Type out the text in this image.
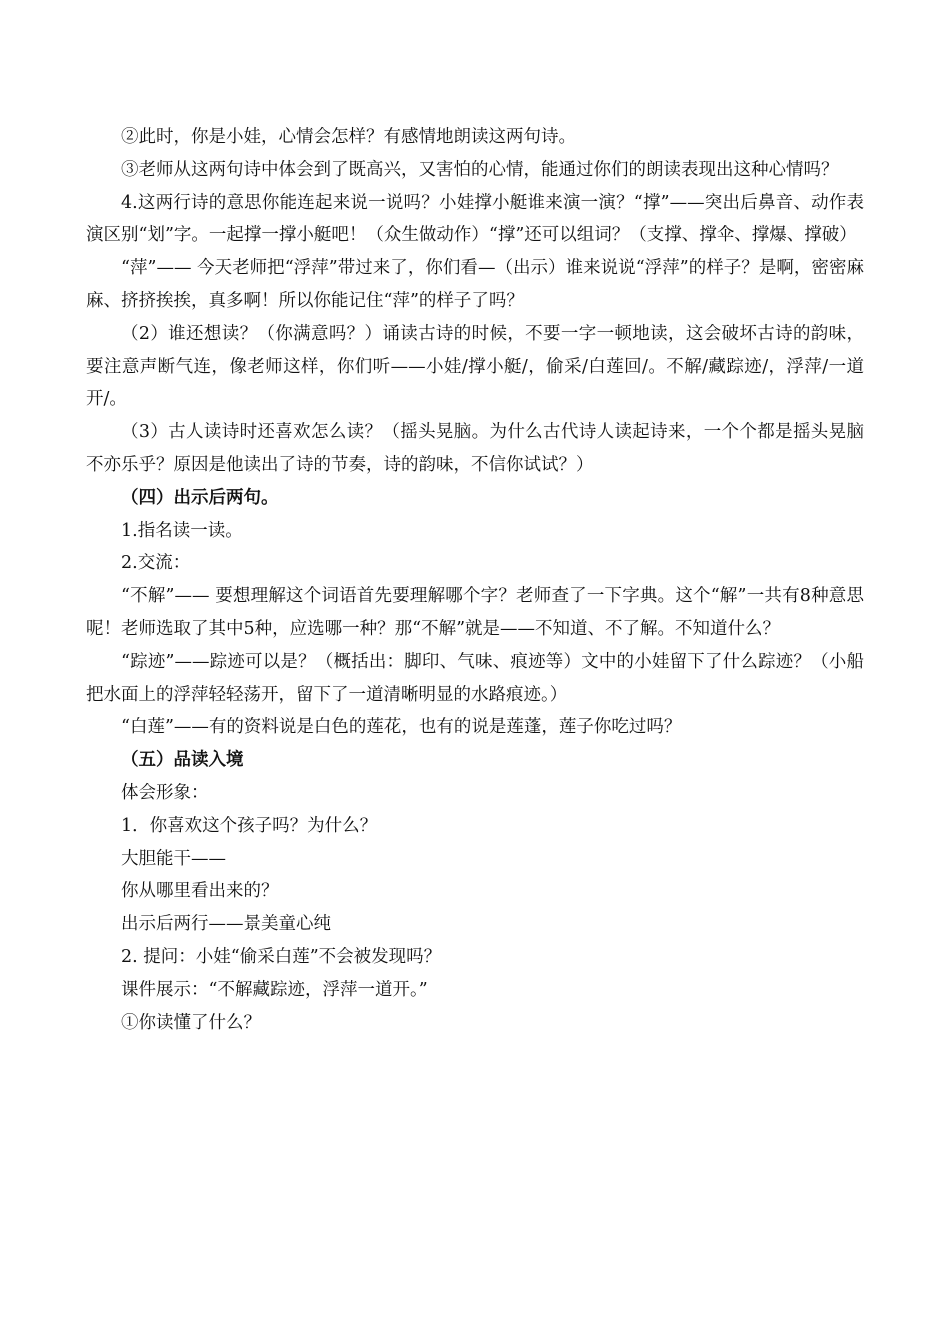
②此时，你是小娃，心情会怎样？有感情地朗读这两句诗。

③老师从这两句诗中体会到了既高兴，又害怕的心情，能通过你们的朗读表现出这种心情吗？

4.这两行诗的意思你能连起来说一说吗？小娃撑小艇谁来演一演？“撑”——突出后鼻音、动作表演区别“划”字。一起撑一撑小艇吧！（众生做动作）“撑”还可以组词？（支撑、撑伞、撑爆、撑破）

“萍”—— 今天老师把“浮萍”带过来了，你们看—（出示）谁来说说“浮萍”的样子？是啊，密密麻麻、挤挤挨挨，真多啊！所以你能记住“萍”的样子了吗？

（2）谁还想读？（你满意吗？）诵读古诗的时候，不要一字一顿地读，这会破坏古诗的韵味，要注意声断气连，像老师这样，你们听——小娃/撑小艇/，偷采/白莲回/。不解/藏踪迹/，浮萍/一道开/。

（3）古人读诗时还喜欢怎么读？（摇头晃脑。为什么古代诗人读起诗来，一个个都是摇头晃脑不亦乐乎？原因是他读出了诗的节奏，诗的韵味，不信你试试？）

（四）出示后两句。

1.指名读一读。

2.交流：

“不解”—— 要想理解这个词语首先要理解哪个字？老师查了一下字典。这个“解”一共有8种意思呢！老师选取了其中5种，应选哪一种？那“不解”就是——不知道、不了解。不知道什么？

“踪迹”——踪迹可以是？（概括出：脚印、气味、痕迹等）文中的小娃留下了什么踪迹？（小船把水面上的浮萍轻轻荡开，留下了一道清晰明显的水路痕迹。）

“白莲”——有的资料说是白色的莲花，也有的说是莲蓬，莲子你吃过吗？

（五）品读入境

体会形象：

1．你喜欢这个孩子吗？为什么？

大胆能干——

你从哪里看出来的？

出示后两行——景美童心纯

2. 提问：小娃“偷采白莲”不会被发现吗？

课件展示：“不解藏踪迹，浮萍一道开。”

①你读懂了什么？
